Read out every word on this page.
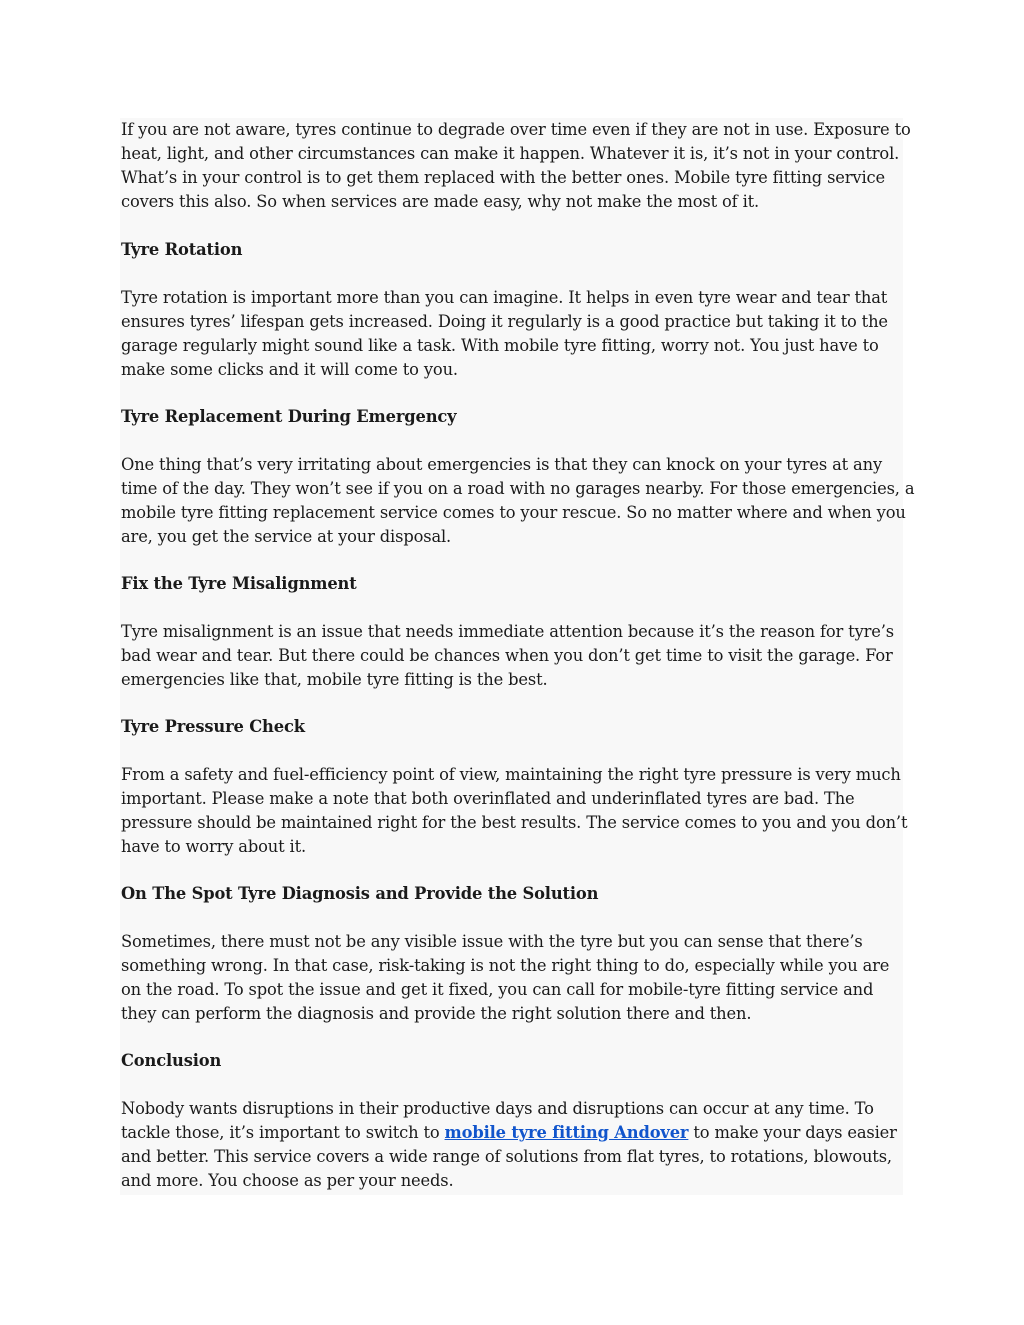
If you are not aware, tyres continue to degrade over time even if they are not in use. Exposure to
heat, light, and other circumstances can make it happen. Whatever it is, it’s not in your control.
What’s in your control is to get them replaced with the better ones. Mobile tyre fitting service
covers this also. So when services are made easy, why not make the most of it.

Tyre Rotation

Tyre rotation is important more than you can imagine. It helps in even tyre wear and tear that
ensures tyres’ lifespan gets increased. Doing it regularly is a good practice but taking it to the
garage regularly might sound like a task. With mobile tyre fitting, worry not. You just have to
make some clicks and it will come to you.

Tyre Replacement During Emergency

One thing that’s very irritating about emergencies is that they can knock on your tyres at any
time of the day. They won’t see if you on a road with no garages nearby. For those emergencies, a
mobile tyre fitting replacement service comes to your rescue. So no matter where and when you
are, you get the service at your disposal.

Fix the Tyre Misalignment

Tyre misalignment is an issue that needs immediate attention because it’s the reason for tyre’s
bad wear and tear. But there could be chances when you don’t get time to visit the garage. For
emergencies like that, mobile tyre fitting is the best.

Tyre Pressure Check

From a safety and fuel-efficiency point of view, maintaining the right tyre pressure is very much
important. Please make a note that both overinflated and underinflated tyres are bad. The
pressure should be maintained right for the best results. The service comes to you and you don’t
have to worry about it.

On The Spot Tyre Diagnosis and Provide the Solution

Sometimes, there must not be any visible issue with the tyre but you can sense that there’s
something wrong. In that case, risk-taking is not the right thing to do, especially while you are
on the road. To spot the issue and get it fixed, you can call for mobile-tyre fitting service and
they can perform the diagnosis and provide the right solution there and then.

Conclusion

Nobody wants disruptions in their productive days and disruptions can occur at any time. To
tackle those, it’s important to switch to mobile tyre fitting Andover to make your days easier
and better. This service covers a wide range of solutions from flat tyres, to rotations, blowouts,
and more. You choose as per your needs.
